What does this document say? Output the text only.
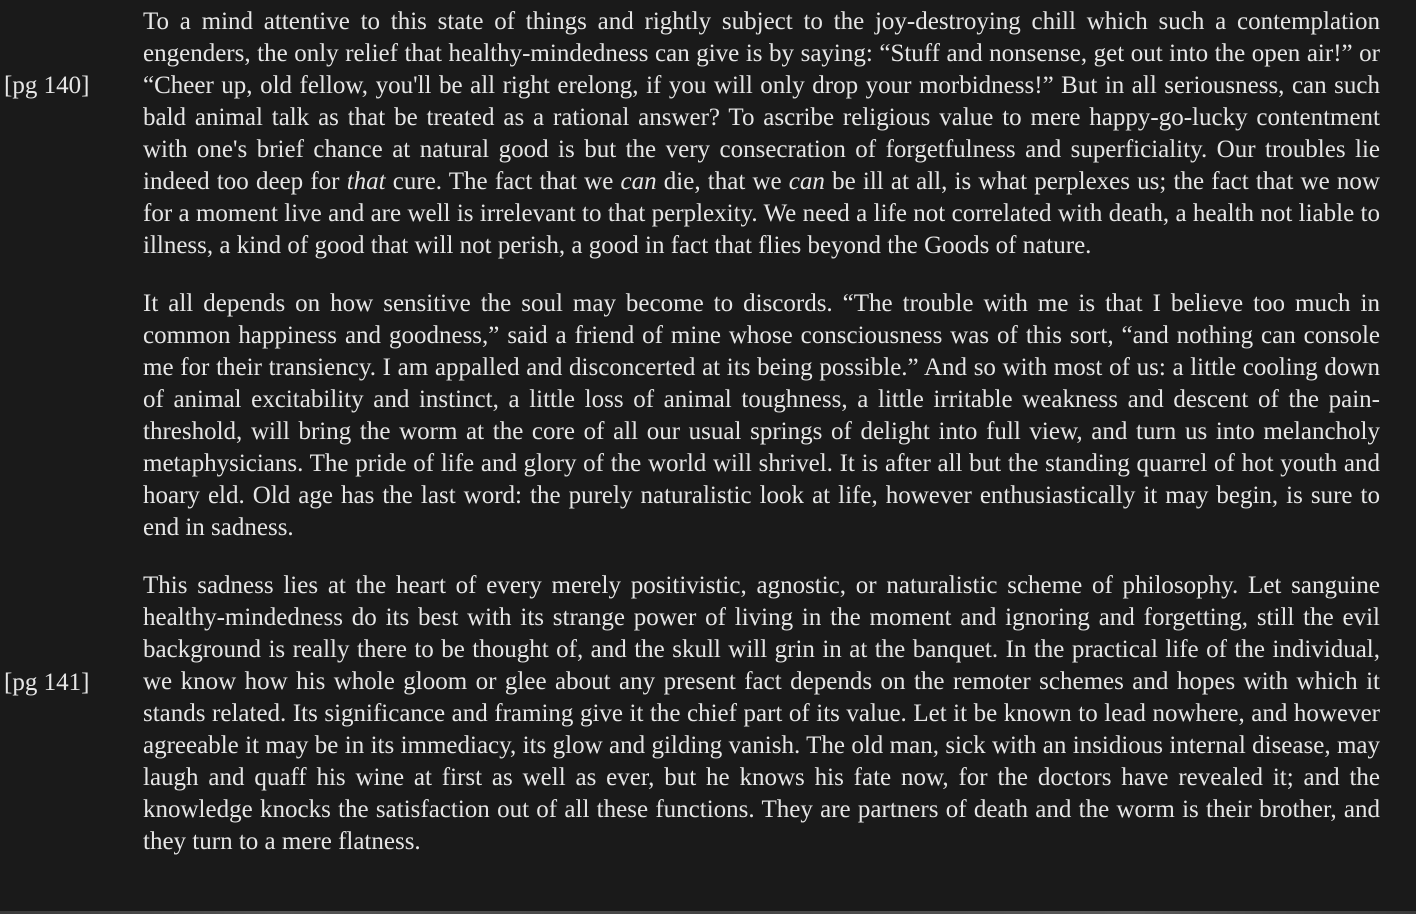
[pg 140]
[pg 141]

To a mind attentive to this state of things and rightly subject to the joy-destroying chill which such a contemplation engenders, the only relief that healthy-mindedness can give is by saying: “Stuff and nonsense, get out into the open air!” or “Cheer up, old fellow, you'll be all right erelong, if you will only drop your morbidness!” But in all seriousness, can such bald animal talk as that be treated as a rational answer? To ascribe religious value to mere happy-go-lucky contentment with one's brief chance at natural good is but the very consecration of forgetfulness and superficiality. Our troubles lie indeed too deep for that cure. The fact that we can die, that we can be ill at all, is what perplexes us; the fact that we now for a moment live and are well is irrelevant to that perplexity. We need a life not correlated with death, a health not liable to illness, a kind of good that will not perish, a good in fact that flies beyond the Goods of nature.

It all depends on how sensitive the soul may become to discords. “The trouble with me is that I believe too much in common happiness and goodness,” said a friend of mine whose consciousness was of this sort, “and nothing can console me for their transiency. I am appalled and disconcerted at its being possible.” And so with most of us: a little cooling down of animal excitability and instinct, a little loss of animal toughness, a little irritable weakness and descent of the pain-threshold, will bring the worm at the core of all our usual springs of delight into full view, and turn us into melancholy metaphysicians. The pride of life and glory of the world will shrivel. It is after all but the standing quarrel of hot youth and hoary eld. Old age has the last word: the purely naturalistic look at life, however enthusiastically it may begin, is sure to end in sadness.

This sadness lies at the heart of every merely positivistic, agnostic, or naturalistic scheme of philosophy. Let sanguine healthy-mindedness do its best with its strange power of living in the moment and ignoring and forgetting, still the evil background is really there to be thought of, and the skull will grin in at the banquet. In the practical life of the individual, we know how his whole gloom or glee about any present fact depends on the remoter schemes and hopes with which it stands related. Its significance and framing give it the chief part of its value. Let it be known to lead nowhere, and however agreeable it may be in its immediacy, its glow and gilding vanish. The old man, sick with an insidious internal disease, may laugh and quaff his wine at first as well as ever, but he knows his fate now, for the doctors have revealed it; and the knowledge knocks the satisfaction out of all these functions. They are partners of death and the worm is their brother, and they turn to a mere flatness.
